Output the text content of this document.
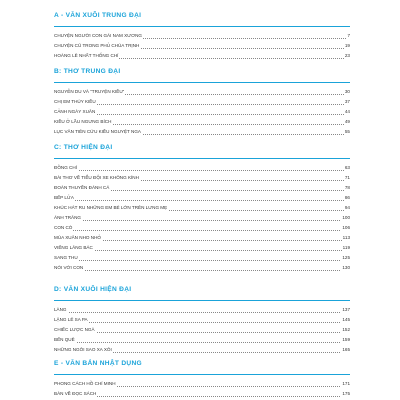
A - VĂN XUÔI TRUNG ĐẠI
CHUYỆN NGƯỜI CON GÁI NAM XƯƠNG	7
CHUYỆN CŨ TRONG PHỦ CHÚA TRỊNH	19
HOÀNG LÊ NHẤT THỐNG CHÍ	23
B: THƠ TRUNG ĐẠI
NGUYỄN DU VÀ “TRUYỆN KIỀU”	30
CHỊ EM THÚY KIỀU	37
CẢNH NGÀY XUÂN	44
KIỀU Ở LẦU NGƯNG BÍCH	49
LỤC VÂN TIÊN CỨU KIỀU NGUYỆT NGA	55
C: THƠ HIỆN ĐẠI
ĐỒNG CHÍ	63
BÀI THƠ VỀ TIỂU ĐỘI XE KHÔNG KÍNH	71
ĐOÀN THUYỀN ĐÁNH CÁ	78
BẾP LỬA	86
KHÚC HÁT RU NHỮNG EM BÉ LỚN TRÊN LƯNG MẸ	94
ÁNH TRĂNG	100
CON CÒ	106
MÙA XUÂN NHO NHỎ	113
VIẾNG LĂNG BÁC	119
SANG THU	125
NÓI VỚI CON	130
D: VĂN XUÔI HIỆN ĐẠI
LÀNG	137
LẶNG LẼ SA PA	145
CHIẾC LƯỢC NGÀ	152
BẾN QUÊ	159
NHỮNG NGÔI SAO XA XÔI	165
E - VĂN BẢN NHẬT DỤNG
PHONG CÁCH HỒ CHÍ MINH	171
BÀN VỀ ĐỌC SÁCH	175
